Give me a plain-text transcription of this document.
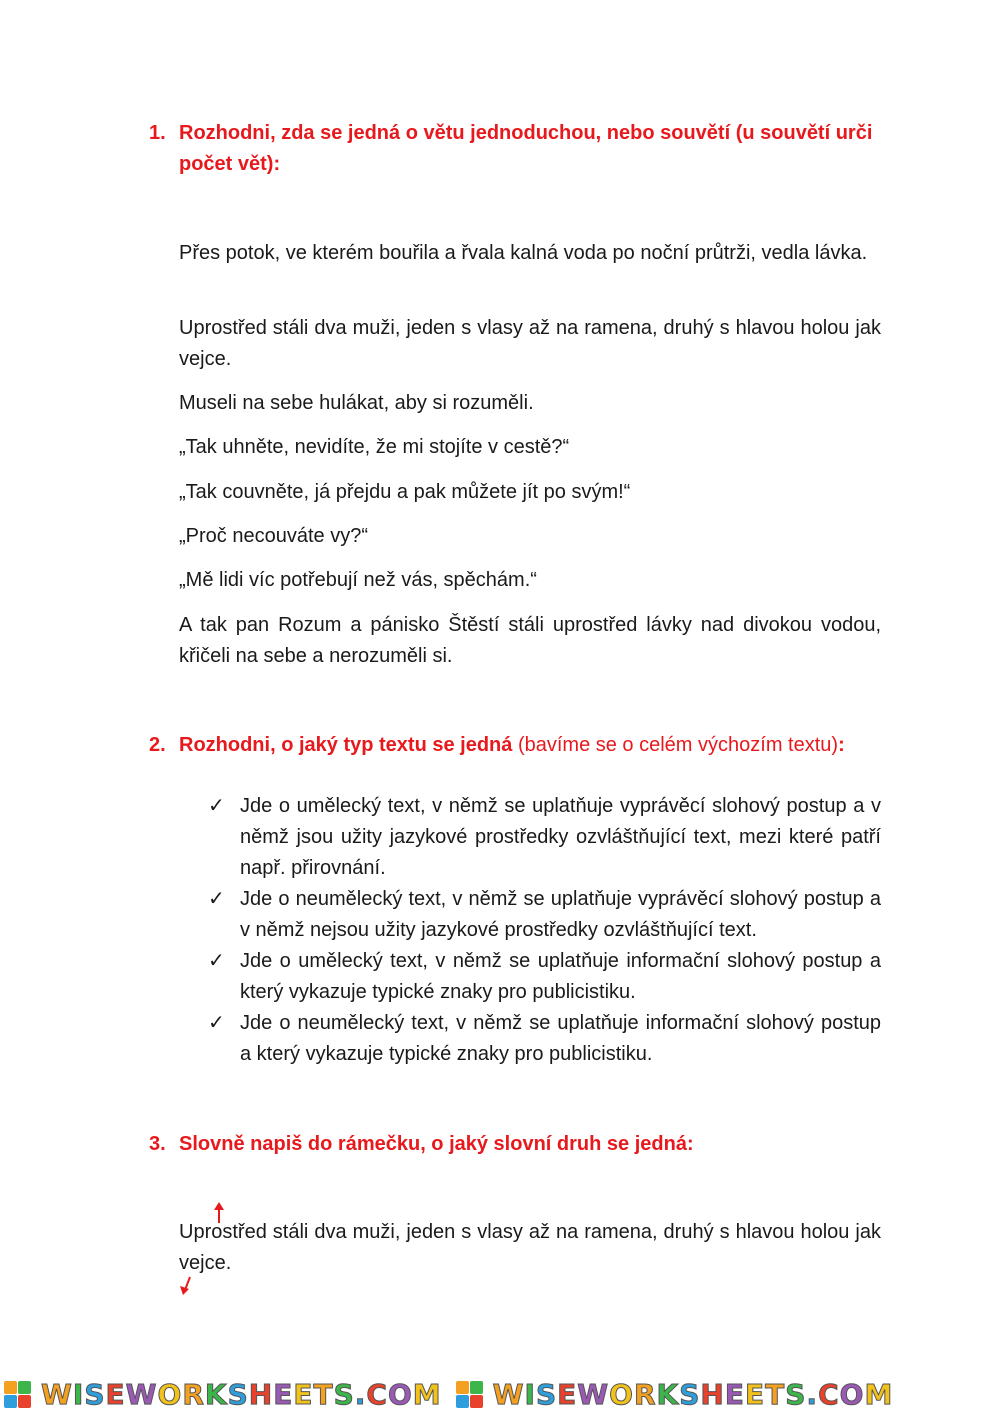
1. Rozhodni, zda se jedná o větu jednoduchou, nebo souvětí (u souvětí urči počet vět):

Přes potok, ve kterém bouřila a řvala kalná voda po noční průtrži, vedla lávka.

Uprostřed stáli dva muži, jeden s vlasy až na ramena, druhý s hlavou holou jak vejce.

Museli na sebe hulákat, aby si rozuměli.

„Tak uhněte, nevidíte, že mi stojíte v cestě?“

„Tak couvněte, já přejdu a pak můžete jít po svým!“

„Proč necouváte vy?“

„Mě lidi víc potřebují než vás, spěchám.“

A tak pan Rozum a pánisko Štěstí stáli uprostřed lávky nad divokou vodou, křičeli na sebe a nerozuměli si.

2. Rozhodni, o jaký typ textu se jedná (bavíme se o celém výchozím textu):
✓ Jde o umělecký text, v němž se uplatňuje vyprávěcí slohový postup a v němž jsou užity jazykové prostředky ozvláštňující text, mezi které patří např. přirovnání.
✓ Jde o neumělecký text, v němž se uplatňuje vyprávěcí slohový postup a v němž nejsou užity jazykové prostředky ozvláštňující text.
✓ Jde o umělecký text, v němž se uplatňuje informační slohový postup a který vykazuje typické znaky pro publicistiku.
✓ Jde o neumělecký text, v němž se uplatňuje informační slohový postup a který vykazuje typické znaky pro publicistiku.
3. Slovně napiš do rámečku, o jaký slovní druh se jedná:

Uprostřed stáli dva muži, jeden s vlasy až na ramena, druhý s hlavou holou jak vejce.

WISEWORKSHEETS.COM WISEWORKSHEETS.COM
